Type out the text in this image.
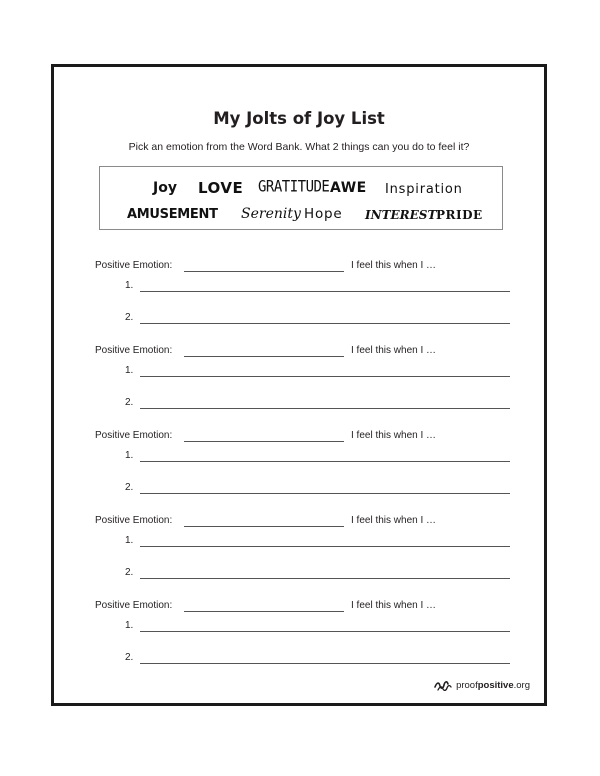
My Jolts of Joy List
Pick an emotion from the Word Bank. What 2 things can you do to feel it?
Joy LOVE GRATITUDE AWE Inspiration
AMUSEMENT Serenity Hope INTEREST PRIDE
Positive Emotion:	I feel this when I …
1.
2.
Positive Emotion:	I feel this when I …
1.
2.
Positive Emotion:	I feel this when I …
1.
2.
Positive Emotion:	I feel this when I …
1.
2.
Positive Emotion:	I feel this when I …
1.
2.
proofpositive.org
